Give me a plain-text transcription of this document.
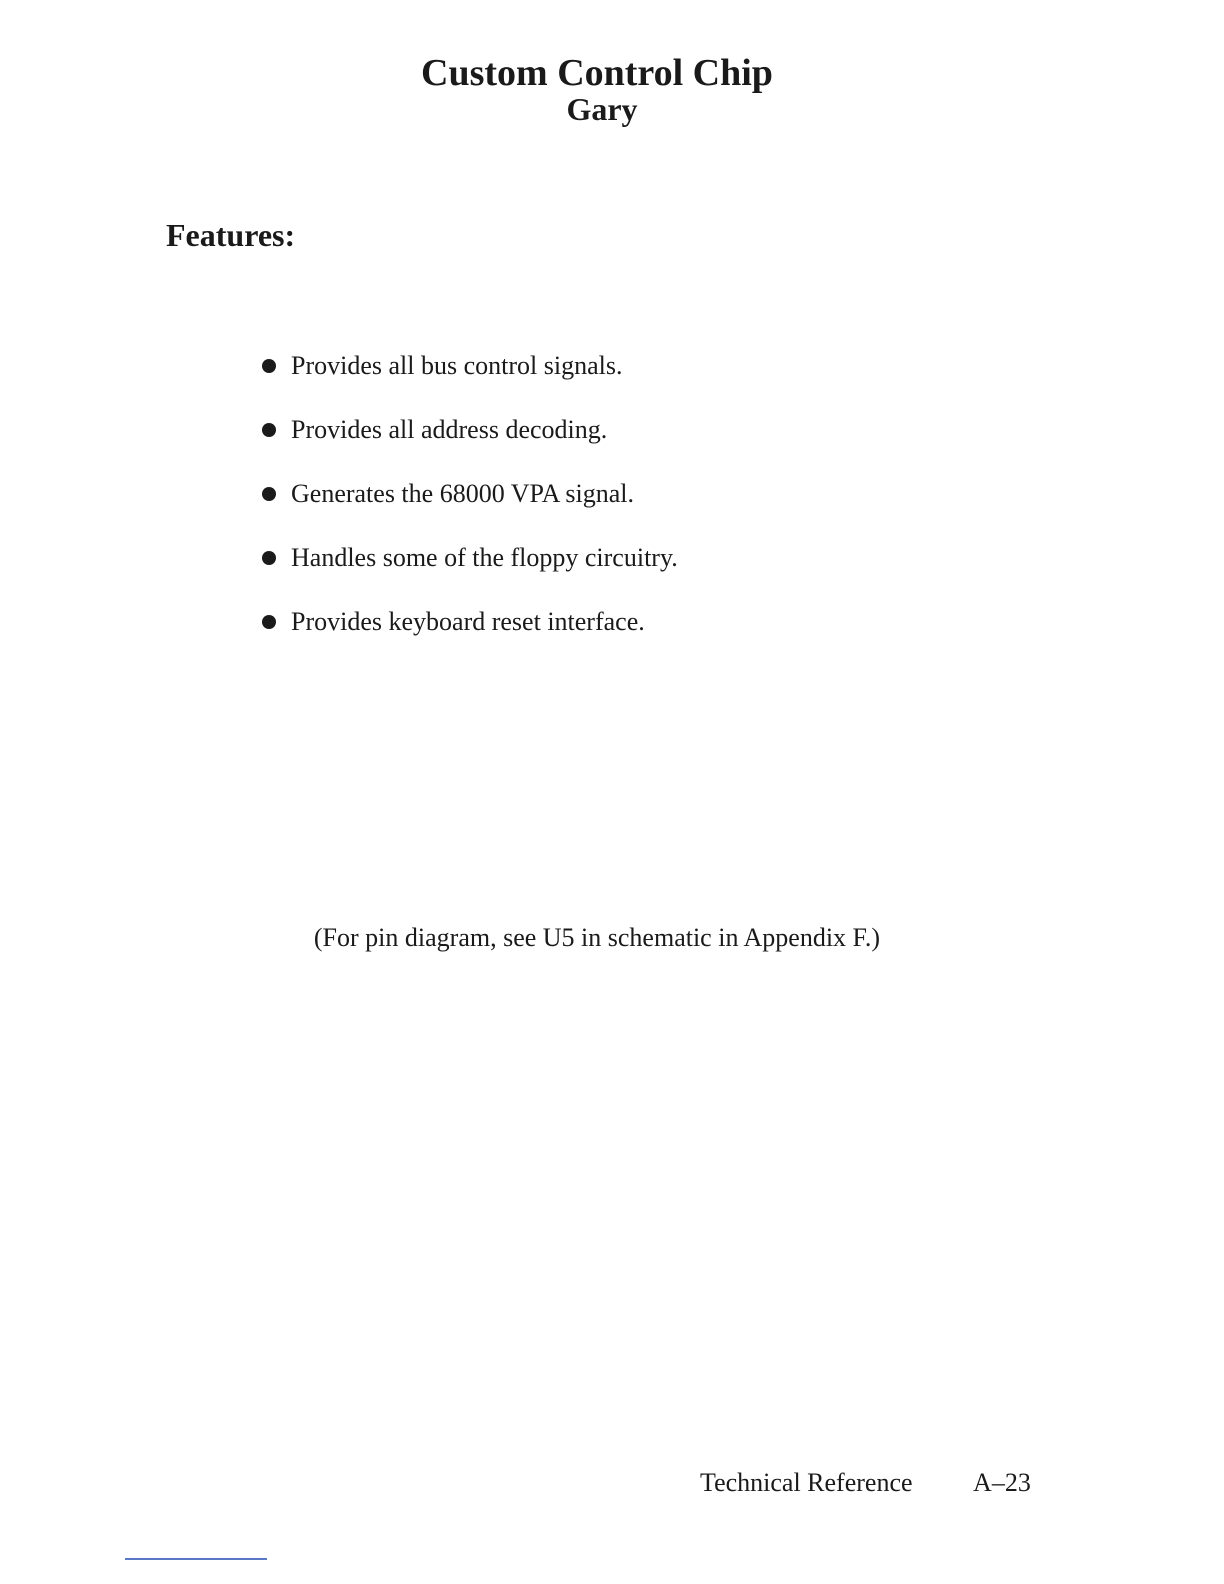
Custom Control Chip
Gary
Features:
Provides all bus control signals.
Provides all address decoding.
Generates the 68000 VPA signal.
Handles some of the floppy circuitry.
Provides keyboard reset interface.

(For pin diagram, see U5 in schematic in Appendix F.)

Technical Reference A–23
